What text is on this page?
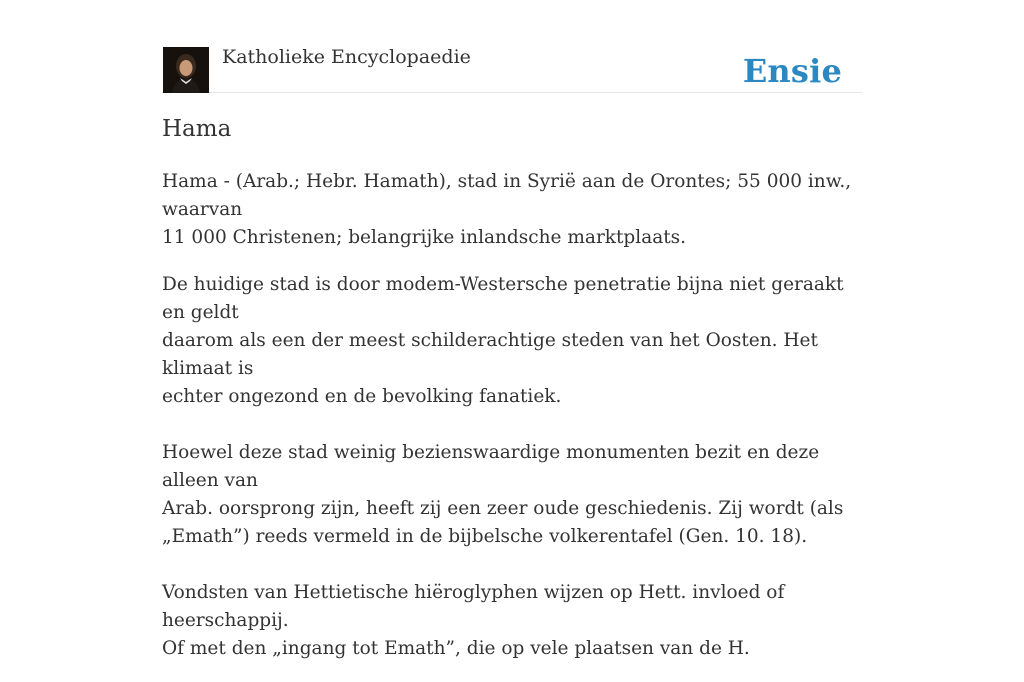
Katholieke Encyclopaedie	Ensie
Hama

Hama - (Arab.; Hebr. Hamath), stad in Syrië aan de Orontes; 55 000 inw., waarvan
11 000 Christenen; belangrijke inlandsche marktplaats.

De huidige stad is door modem-Westersche penetratie bijna niet geraakt en geldt
daarom als een der meest schilderachtige steden van het Oosten. Het klimaat is
echter ongezond en de bevolking fanatiek.

Hoewel deze stad weinig bezienswaardige monumenten bezit en deze alleen van
Arab. oorsprong zijn, heeft zij een zeer oude geschiedenis. Zij wordt (als
„Emath”) reeds vermeld in de bijbelsche volkerentafel (Gen. 10. 18).

Vondsten van Hettietische hiëroglyphen wijzen op Hett. invloed of heerschappij.
Of met den „ingang tot Emath”, die op vele plaatsen van de H.
